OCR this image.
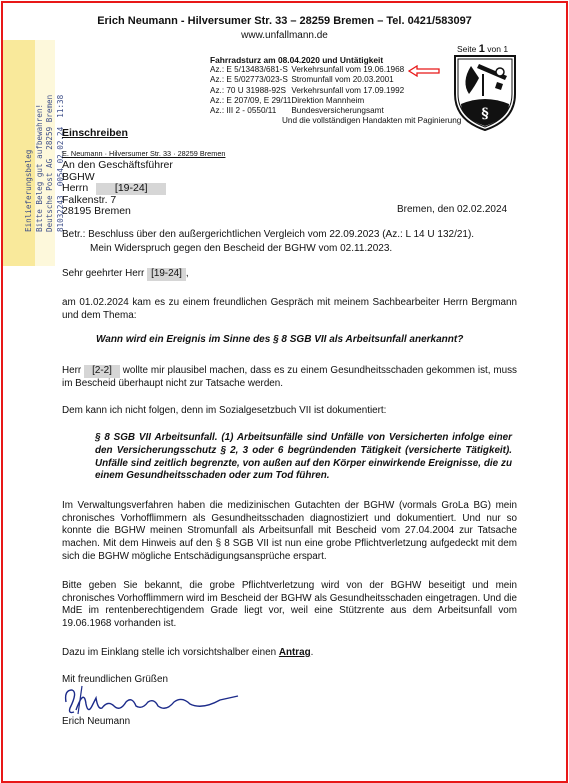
Erich Neumann - Hilversumer Str. 33 – 28259 Bremen – Tel. 0421/583097
www.unfallmann.de
Fahrradsturz am 08.04.2020 und Untätigkeit
Az.: E 5/13483/681-S	Verkehrsunfall vom 19.06.1968
Az.: E 5/02773/023-S	Stromunfall vom 20.03.2001
Az.: 70 U 31988-92S	Verkehrsunfall vom 17.09.1992
Az.: E 207/09, E 29/11	Direktion Mannheim
Az.: III 2 - 0550/11	Bundesversicherungsamt
Und die vollständigen Handakten mit Paginierung
Seite 1 von 1
§
Einlieferungsbeleg Bitte Beleg gut aufbewahren! Deutsche Post AG  28259 Bremen 81032243  0054 02.02.24  11:38
Einschreiben
E. Neumann · Hilversumer Str. 33 · 28259 Bremen
An den Geschäftsführer
BGHW
Herrn	[19-24]
Falkenstr. 7
28195 Bremen	Bremen, den 02.02.2024
Betr.: Beschluss über den außergerichtlichen Vergleich vom 22.09.2023 (Az.: L 14 U 132/21).
Mein Widerspruch gegen den Bescheid der BGHW vom 02.11.2023.
Sehr geehrter Herr [19-24] ,
am 01.02.2024 kam es zu einem freundlichen Gespräch mit meinem Sachbearbeiter Herrn Bergmann und dem Thema:
Wann wird ein Ereignis im Sinne des § 8 SGB VII als Arbeitsunfall anerkannt?
Herr [2-2] wollte mir plausibel machen, dass es zu einem Gesundheitsschaden gekommen ist, muss im Bescheid überhaupt nicht zur Tatsache werden.
Dem kann ich nicht folgen, denn im Sozialgesetzbuch VII ist dokumentiert:
§ 8 SGB VII Arbeitsunfall. (1) Arbeitsunfälle sind Unfälle von Versicherten infolge einer den Versicherungsschutz § 2, 3 oder 6 begründenden Tätigkeit (versicherte Tätigkeit). Unfälle sind zeitlich begrenzte, von außen auf den Körper einwirkende Ereignisse, die zu einem Gesundheitsschaden oder zum Tod führen.
Im Verwaltungsverfahren haben die medizinischen Gutachten der BGHW (vormals GroLa BG) mein chronisches Vorhofflimmern als Gesundheitsschaden diagnostiziert und dokumentiert. Und nur so konnte die BGHW meinen Stromunfall als Arbeitsunfall mit Bescheid vom 27.04.2004 zur Tatsache machen. Mit dem Hinweis auf den § 8 SGB VII ist nun eine grobe Pflichtverletzung aufgedeckt mit dem sich die BGHW mögliche Entschädigungsansprüche erspart.
Bitte geben Sie bekannt, die grobe Pflichtverletzung wird von der BGHW beseitigt und mein chronisches Vorhofflimmern wird im Bescheid der BGHW als Gesundheitsschaden eingetragen. Und die MdE im rentenberechtigendem Grade liegt vor, weil eine Stützrente aus dem Arbeitsunfall vom 19.06.1968 vorhanden ist.
Dazu im Einklang stelle ich vorsichtshalber einen Antrag.
Mit freundlichen Grüßen
Erich Neumann
